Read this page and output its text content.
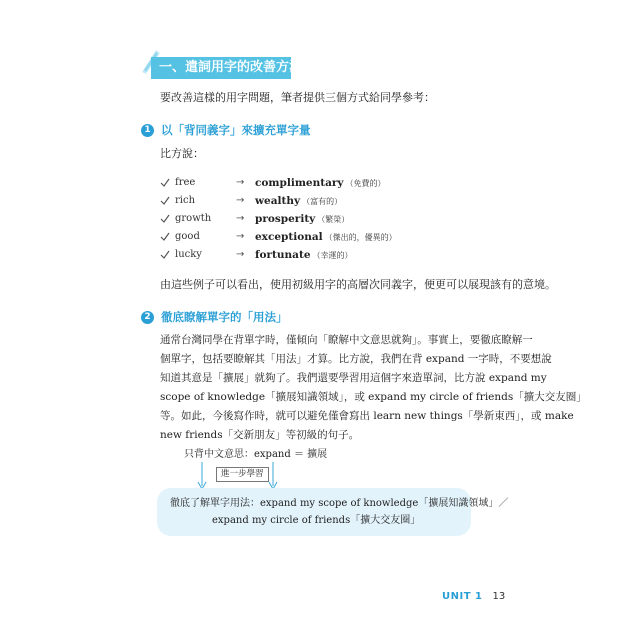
一、遣詞用字的改善方法
要改善這樣的用字問題，筆者提供三個方式給同學參考：
1 以「背同義字」來擴充單字量
比方說：
free	→ complimentary （免費的）
rich	→ wealthy （富有的）
growth → prosperity （繁榮）
good	→ exceptional （傑出的，優異的）
lucky	→ fortunate （幸運的）
由這些例子可以看出，使用初級用字的高層次同義字，便更可以展現該有的意境。
2 徹底瞭解單字的「用法」
通常台灣同學在背單字時，僅傾向「瞭解中文意思就夠」。事實上，要徹底瞭解一
個單字，包括要瞭解其「用法」才算。比方說，我們在背 expand 一字時，不要想說
知道其意是「擴展」就夠了。我們還要學習用這個字來造單詞，比方說 expand my
scope of knowledge「擴展知識領域」，或 expand my circle of friends「擴大交友圈」
等。如此，今後寫作時，就可以避免僅會寫出 learn new things「學新東西」，或 make
new friends「交新朋友」等初級的句子。
只背中文意思：expand ＝ 擴展
進一步學習
徹底了解單字用法：expand my scope of knowledge「擴展知識領域」／
expand my circle of friends「擴大交友圈」
UNIT 1 13
